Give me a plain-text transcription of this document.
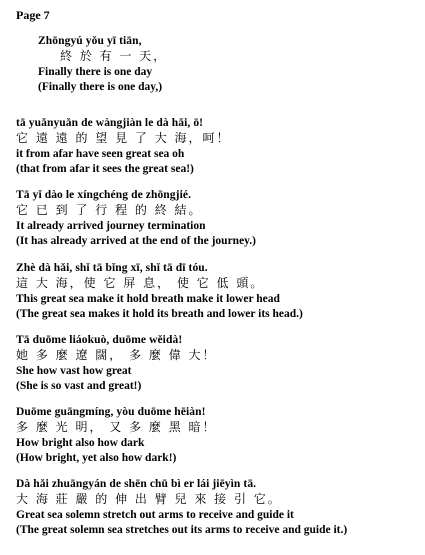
Page 7
Zhōngyú yǒu yī tiān,
終 於 有 一 天，
Finally there is one day
(Finally there is one day,)
tā yuǎnyuǎn de wàngjiàn le dà hǎi, ō!
它 遠 遠 的 望 見 了 大 海，呵！
it from afar have seen great sea oh
(that from afar it sees the great sea!)
Tā yǐ dào le xíngchéng de zhōngjié.
它 已 到 了 行 程 的 終 結。
It already arrived journey termination
(It has already arrived at the end of the journey.)
Zhè dà hǎi, shǐ tā bǐng xī, shǐ tā dī tóu.
這 大 海，使 它 屏 息， 使 它 低 頭。
This great sea make it hold breath make it lower head
(The great sea makes it hold its breath and lower its head.)
Tā duōme liáokuò, duōme wěidà!
她 多 麼 遼 闊， 多 麼 偉 大！
She how vast how great
(She is so vast and great!)
Duōme guāngmíng, yòu duōme hēiàn!
多 麼 光 明， 又 多 麼 黑 暗！
How bright also how dark
(How bright, yet also how dark!)
Dà hǎi zhuāngyán de shēn chū bì er lái jiēyìn tā.
大 海 莊 嚴 的 伸 出 臂 兒 來 接 引 它。
Great sea solemn stretch out arms to receive and guide it
(The great solemn sea stretches out its arms to receive and guide it.)
